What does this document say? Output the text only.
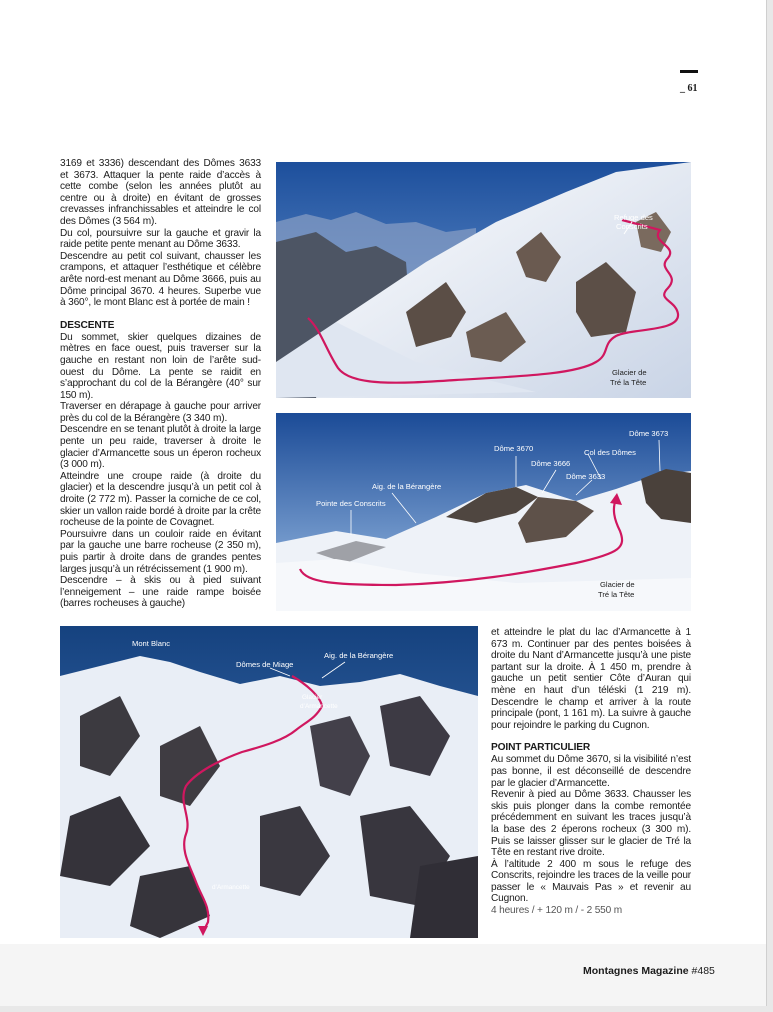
_ 61

3169 et 3336) descendant des Dômes 3633 et 3673. Attaquer la pente raide d’accès à cette combe (selon les années plutôt au centre ou à droite) en évitant de grosses crevasses infranchissables et atteindre le col des Dômes (3 564 m).

Du col, poursuivre sur la gauche et gravir la raide petite pente menant au Dôme 3633.

Descendre au petit col suivant, chausser les crampons, et attaquer l’esthétique et célèbre arête nord-est menant au Dôme 3666, puis au Dôme principal 3670. 4 heures. Superbe vue à 360°, le mont Blanc est à portée de main !

DESCENTE

Du sommet, skier quelques dizaines de mètres en face ouest, puis traverser sur la gauche en restant non loin de l’arête sud-ouest du Dôme. La pente se raidit en s’approchant du col de la Bérangère (40° sur 150 m).

Traverser en dérapage à gauche pour arriver près du col de la Bérangère (3 340 m).

Descendre en se tenant plutôt à droite la large pente un peu raide, traverser à droite le glacier d’Armancette sous un éperon rocheux (3 000 m).

Atteindre une croupe raide (à droite du glacier) et la descendre jusqu’à un petit col à droite (2 772 m). Passer la corniche de ce col, skier un vallon raide bordé à droite par la crête rocheuse de la pointe de Covagnet.

Poursuivre dans un couloir raide en évitant par la gauche une barre rocheuse (2 350 m), puis partir à droite dans de grandes pentes larges jusqu’à un rétrécissement (1 900 m).

Descendre – à skis ou à pied suivant l’enneigement – une raide rampe boisée (barres rocheuses à gauche)

Refuge des
Conscrits
Glacier de
Tré la Tête
Dôme 3673
Dôme 3670	Col des Dômes
Dôme 3666
Dôme 3633
Aig. de la Bérangère
Pointe des Conscrits
Glacier de
Tré la Tête
Mont Blanc
Dômes de Miage
Aig. de la Bérangère
Glacier
d’Armancette
d’Armancette

et atteindre le plat du lac d’Armancette à 1 673 m. Continuer par des pentes boisées à droite du Nant d’Armancette jusqu’à une piste partant sur la droite. À 1 450 m, prendre à gauche un petit sentier Côte d’Auran qui mène en haut d’un téléski (1 219 m). Descendre le champ et arriver à la route principale (pont, 1 161 m). La suivre à gauche pour rejoindre le parking du Cugnon.

POINT PARTICULIER

Au sommet du Dôme 3670, si la visibilité n’est pas bonne, il est déconseillé de descendre par le glacier d’Armancette.

Revenir à pied au Dôme 3633. Chausser les skis puis plonger dans la combe remontée précédemment en suivant les traces jusqu’à la base des 2 éperons rocheux (3 300 m). Puis se laisser glisser sur le glacier de Tré la Tête en restant rive droite.

À l’altitude 2 400 m sous le refuge des Conscrits, rejoindre les traces de la veille pour passer le « Mauvais Pas » et revenir au Cugnon.

4 heures / + 120 m / - 2 550 m

Montagnes Magazine #485
